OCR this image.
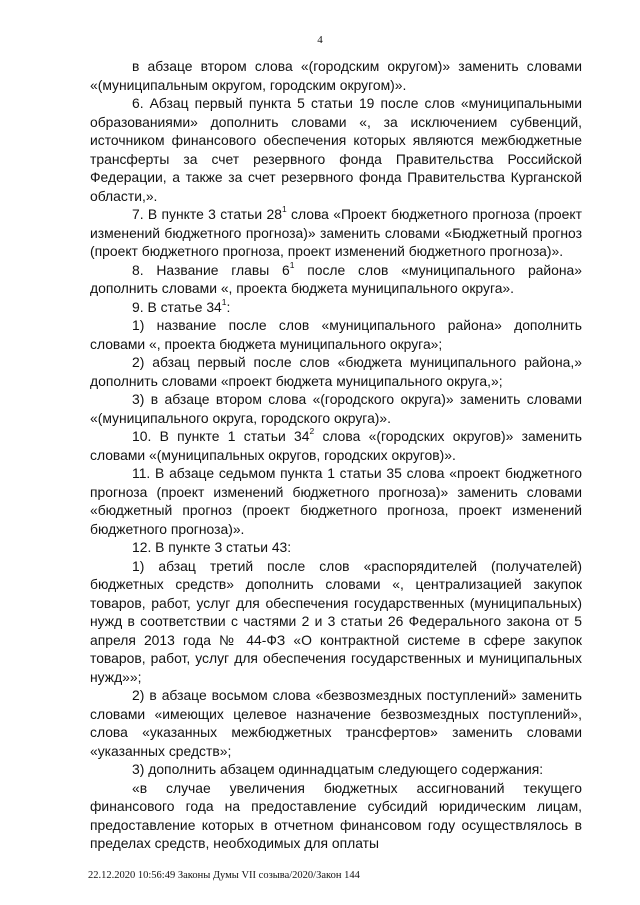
4

в абзаце втором слова «(городским округом)» заменить словами «(муниципальным округом, городским округом)».

6. Абзац первый пункта 5 статьи 19 после слов «муниципальными образованиями» дополнить словами «, за исключением субвенций, источником финансового обеспечения которых являются межбюджетные трансферты за счет резервного фонда Правительства Российской Федерации, а также за счет резервного фонда Правительства Курганской области,».

7. В пункте 3 статьи $28^1$ слова «Проект бюджетного прогноза (проект изменений бюджетного прогноза)» заменить словами «Бюджетный прогноз (проект бюджетного прогноза, проект изменений бюджетного прогноза)».

8. Название главы $6^1$ после слов «муниципального района» дополнить словами «, проекта бюджета муниципального округа».

9. В статье $34^1$:

1) название после слов «муниципального района» дополнить словами «, проекта бюджета муниципального округа»;

2) абзац первый после слов «бюджета муниципального района,» дополнить словами «проект бюджета муниципального округа,»;

3) в абзаце втором слова «(городского округа)» заменить словами «(муниципального округа, городского округа)».

10. В пункте 1 статьи $34^2$ слова «(городских округов)» заменить словами «(муниципальных округов, городских округов)».

11. В абзаце седьмом пункта 1 статьи 35 слова «проект бюджетного прогноза (проект изменений бюджетного прогноза)» заменить словами «бюджетный прогноз (проект бюджетного прогноза, проект изменений бюджетного прогноза)».

12. В пункте 3 статьи 43:

1) абзац третий после слов «распорядителей (получателей) бюджетных средств» дополнить словами «, централизацией закупок товаров, работ, услуг для обеспечения государственных (муниципальных) нужд в соответствии с частями 2 и 3 статьи 26 Федерального закона от 5 апреля 2013 года № 44-ФЗ «О контрактной системе в сфере закупок товаров, работ, услуг для обеспечения государственных и муниципальных нужд»»;

2) в абзаце восьмом слова «безвозмездных поступлений» заменить словами «имеющих целевое назначение безвозмездных поступлений», слова «указанных межбюджетных трансфертов» заменить словами «указанных средств»;

3) дополнить абзацем одиннадцатым следующего содержания:

«в случае увеличения бюджетных ассигнований текущего финансового года на предоставление субсидий юридическим лицам, предоставление которых в отчетном финансовом году осуществлялось в пределах средств, необходимых для оплаты

22.12.2020 10:56:49 Законы Думы VII созыва/2020/Закон 144
